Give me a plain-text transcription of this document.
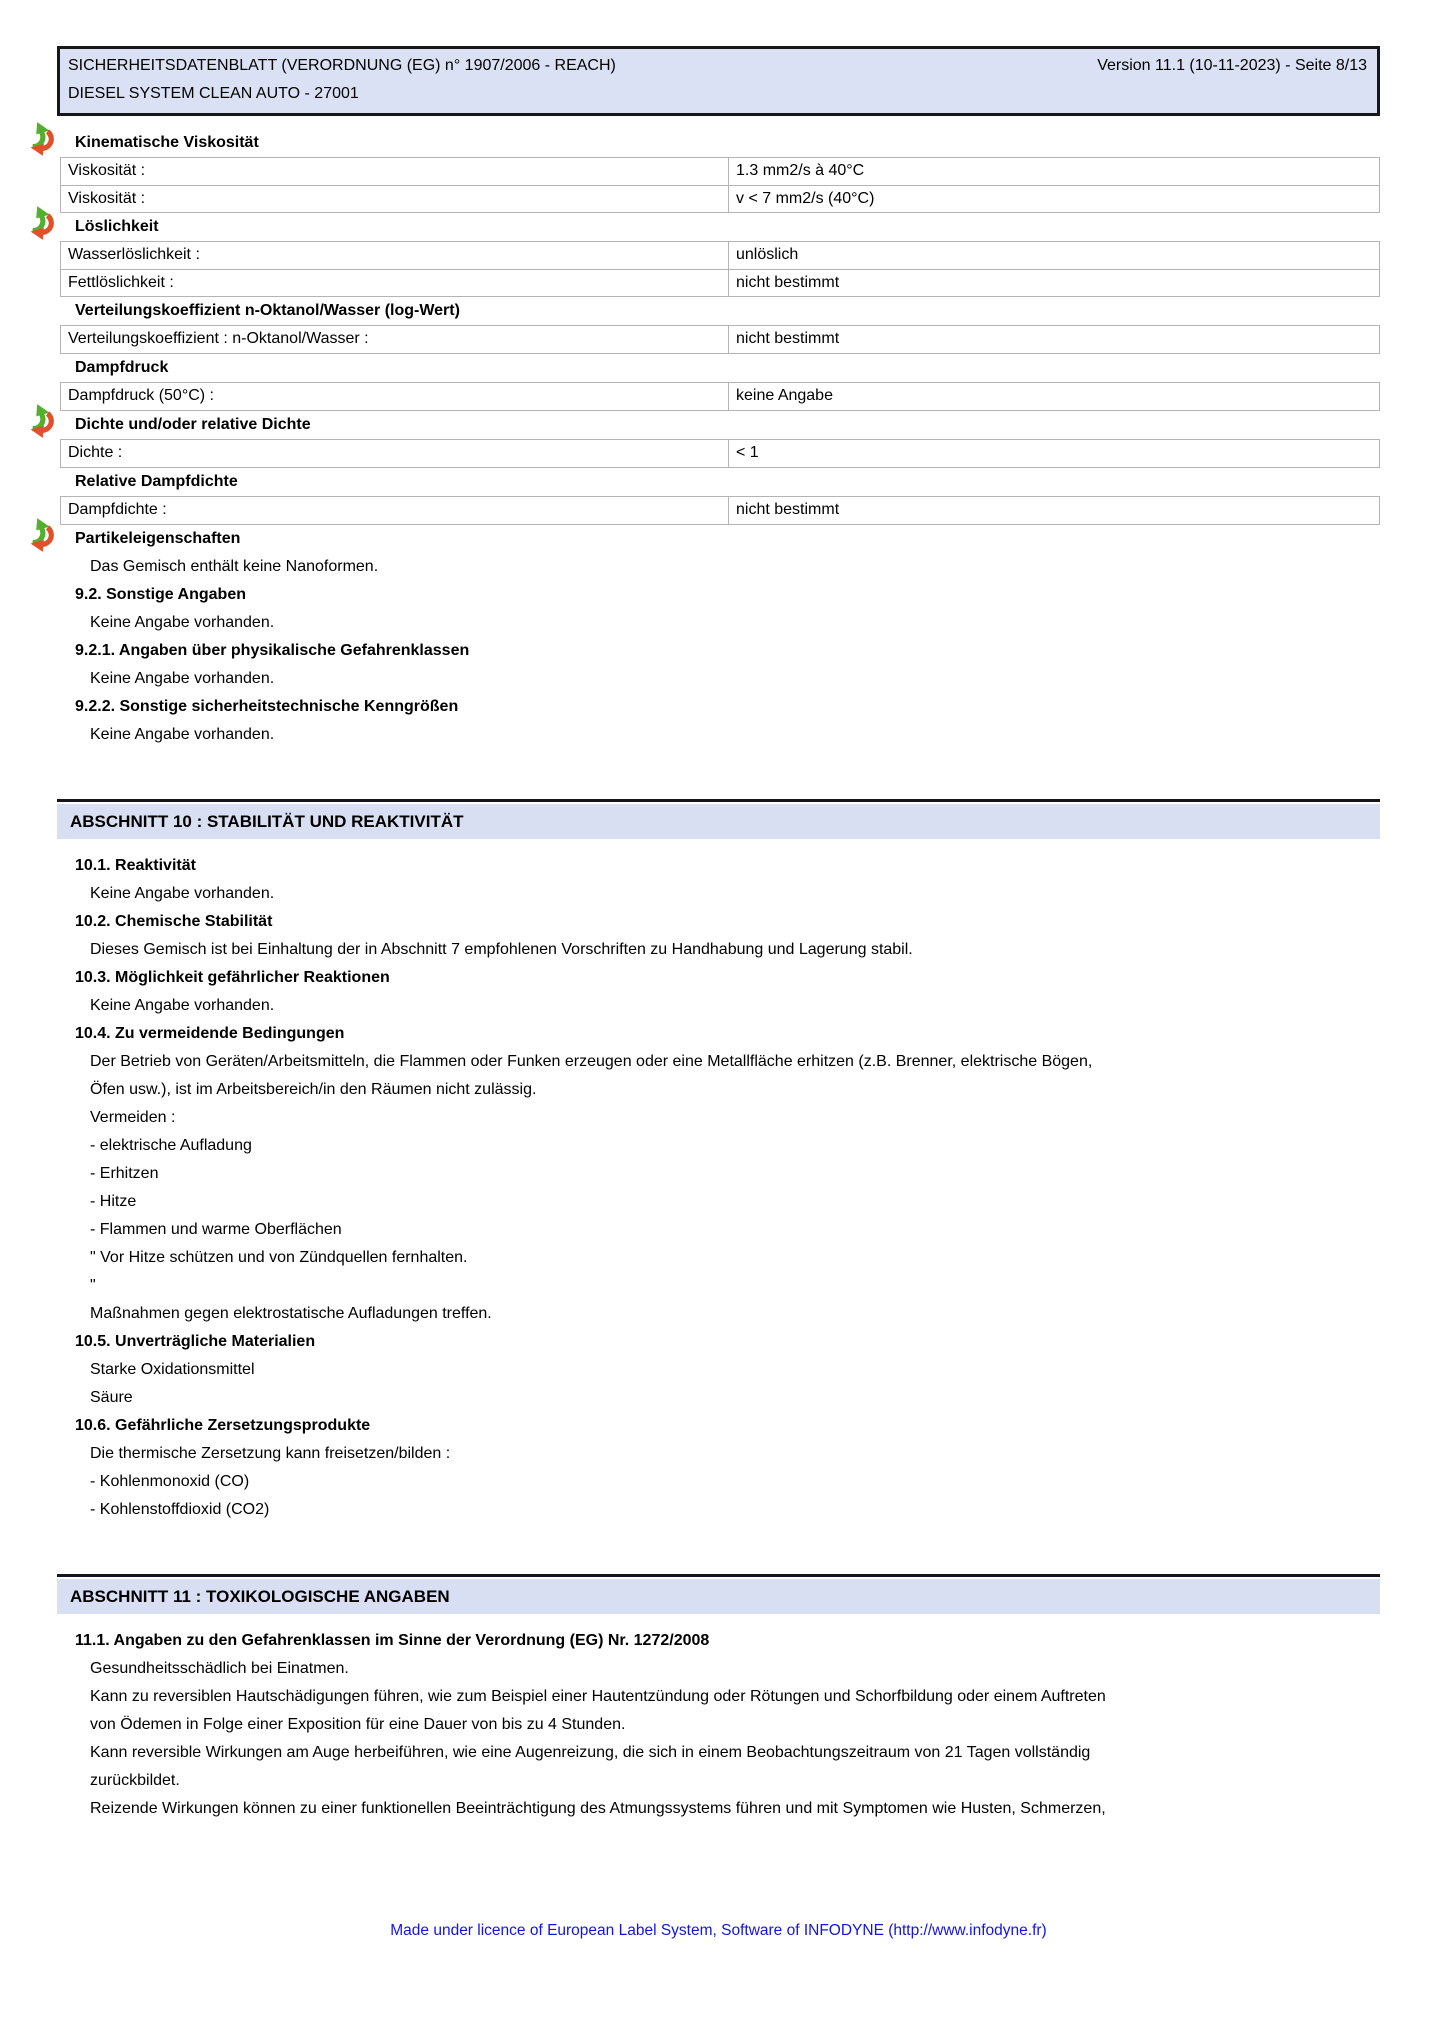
SICHERHEITSDATENBLATT (VERORDNUNG (EG) n° 1907/2006 - REACH)	Version 11.1 (10-11-2023) - Seite 8/13
DIESEL SYSTEM CLEAN AUTO - 27001
Kinematische Viskosität
Viskosität :	1.3 mm2/s à 40°C
Viskosität :	v < 7 mm2/s (40°C)
Löslichkeit
Wasserlöslichkeit :	unlöslich
Fettlöslichkeit :	nicht bestimmt
Verteilungskoeffizient n-Oktanol/Wasser (log-Wert)
Verteilungskoeffizient : n-Oktanol/Wasser :	nicht bestimmt
Dampfdruck
Dampfdruck (50°C) :	keine Angabe
Dichte und/oder relative Dichte
Dichte :	< 1
Relative Dampfdichte
Dampfdichte :	nicht bestimmt
Partikeleigenschaften
Das Gemisch enthält keine Nanoformen.
9.2. Sonstige Angaben
Keine Angabe vorhanden.
9.2.1. Angaben über physikalische Gefahrenklassen
Keine Angabe vorhanden.
9.2.2. Sonstige sicherheitstechnische Kenngrößen
Keine Angabe vorhanden.
ABSCHNITT 10 : STABILITÄT UND REAKTIVITÄT
10.1. Reaktivität
Keine Angabe vorhanden.
10.2. Chemische Stabilität
Dieses Gemisch ist bei Einhaltung der in Abschnitt 7 empfohlenen Vorschriften zu Handhabung und Lagerung stabil.
10.3. Möglichkeit gefährlicher Reaktionen
Keine Angabe vorhanden.
10.4. Zu vermeidende Bedingungen
Der Betrieb von Geräten/Arbeitsmitteln, die Flammen oder Funken erzeugen oder eine Metallfläche erhitzen (z.B. Brenner, elektrische Bögen,
Öfen usw.), ist im Arbeitsbereich/in den Räumen nicht zulässig.
Vermeiden :
- elektrische Aufladung
- Erhitzen
- Hitze
- Flammen und warme Oberflächen
" Vor Hitze schützen und von Zündquellen fernhalten.
"
Maßnahmen gegen elektrostatische Aufladungen treffen.
10.5. Unverträgliche Materialien
Starke Oxidationsmittel
Säure
10.6. Gefährliche Zersetzungsprodukte
Die thermische Zersetzung kann freisetzen/bilden :
- Kohlenmonoxid (CO)
- Kohlenstoffdioxid (CO2)
ABSCHNITT 11 : TOXIKOLOGISCHE ANGABEN
11.1. Angaben zu den Gefahrenklassen im Sinne der Verordnung (EG) Nr. 1272/2008
Gesundheitsschädlich bei Einatmen.
Kann zu reversiblen Hautschädigungen führen, wie zum Beispiel einer Hautentzündung oder Rötungen und Schorfbildung oder einem Auftreten
von Ödemen in Folge einer Exposition für eine Dauer von bis zu 4 Stunden.
Kann reversible Wirkungen am Auge herbeiführen, wie eine Augenreizung, die sich in einem Beobachtungszeitraum von 21 Tagen vollständig
zurückbildet.
Reizende Wirkungen können zu einer funktionellen Beeinträchtigung des Atmungssystems führen und mit Symptomen wie Husten, Schmerzen,
Made under licence of European Label System, Software of INFODYNE (http://www.infodyne.fr)
